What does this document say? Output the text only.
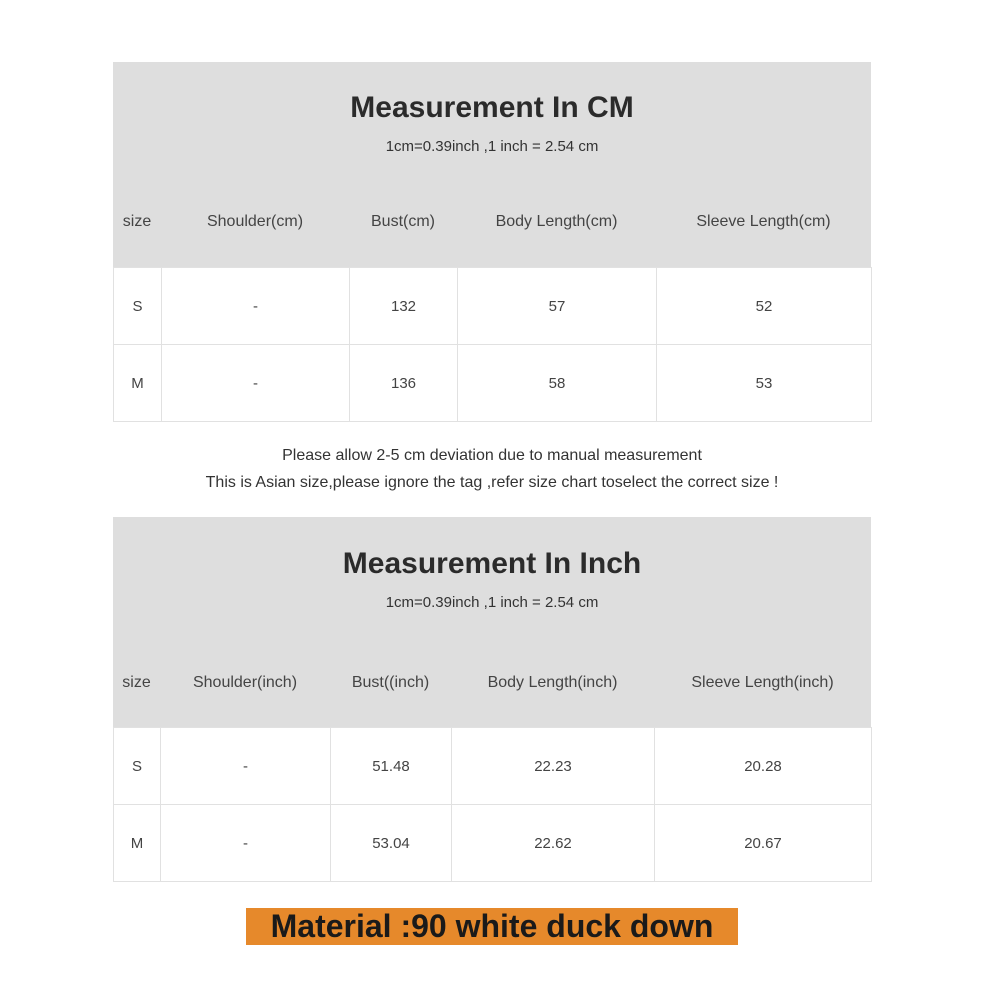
Measurement In CM
1cm=0.39inch ,1 inch = 2.54 cm
size	Shoulder(cm)	Bust(cm)	Body Length(cm)	Sleeve Length(cm)
S	-	132	57	52
M	-	136	58	53
Please allow 2-5 cm deviation due to manual measurement
This is Asian size,please ignore the tag ,refer size chart toselect the correct size !
Measurement In Inch
1cm=0.39inch ,1 inch = 2.54 cm
size	Shoulder(inch)	Bust((inch)	Body Length(inch)	Sleeve Length(inch)
S	-	51.48	22.23	20.28
M	-	53.04	22.62	20.67
Material :90 white duck down
